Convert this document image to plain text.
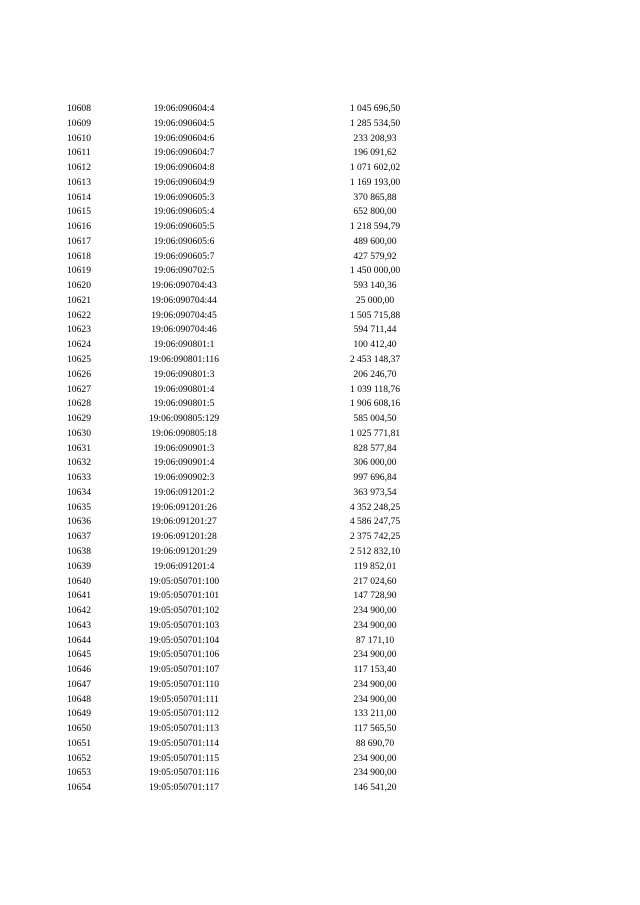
10608	19:06:090604:4	1 045 696,50
10609	19:06:090604:5	1 285 534,50
10610	19:06:090604:6	233 208,93
10611	19:06:090604:7	196 091,62
10612	19:06:090604:8	1 071 602,02
10613	19:06:090604:9	1 169 193,00
10614	19:06:090605:3	370 865,88
10615	19:06:090605:4	652 800,00
10616	19:06:090605:5	1 218 594,79
10617	19:06:090605:6	489 600,00
10618	19:06:090605:7	427 579,92
10619	19:06:090702:5	1 450 000,00
10620	19:06:090704:43	593 140,36
10621	19:06:090704:44	25 000,00
10622	19:06:090704:45	1 505 715,88
10623	19:06:090704:46	594 711,44
10624	19:06:090801:1	100 412,40
10625	19:06:090801:116	2 453 148,37
10626	19:06:090801:3	206 246,70
10627	19:06:090801:4	1 039 118,76
10628	19:06:090801:5	1 906 608,16
10629	19:06:090805:129	585 004,50
10630	19:06:090805:18	1 025 771,81
10631	19:06:090901:3	828 577,84
10632	19:06:090901:4	306 000,00
10633	19:06:090902:3	997 696,84
10634	19:06:091201:2	363 973,54
10635	19:06:091201:26	4 352 248,25
10636	19:06:091201:27	4 586 247,75
10637	19:06:091201:28	2 375 742,25
10638	19:06:091201:29	2 512 832,10
10639	19:06:091201:4	119 852,01
10640	19:05:050701:100	217 024,60
10641	19:05:050701:101	147 728,90
10642	19:05:050701:102	234 900,00
10643	19:05:050701:103	234 900,00
10644	19:05:050701:104	87 171,10
10645	19:05:050701:106	234 900,00
10646	19:05:050701:107	117 153,40
10647	19:05:050701:110	234 900,00
10648	19:05:050701:111	234 900,00
10649	19:05:050701:112	133 211,00
10650	19:05:050701:113	117 565,50
10651	19:05:050701:114	88 690,70
10652	19:05:050701:115	234 900,00
10653	19:05:050701:116	234 900,00
10654	19:05:050701:117	146 541,20
